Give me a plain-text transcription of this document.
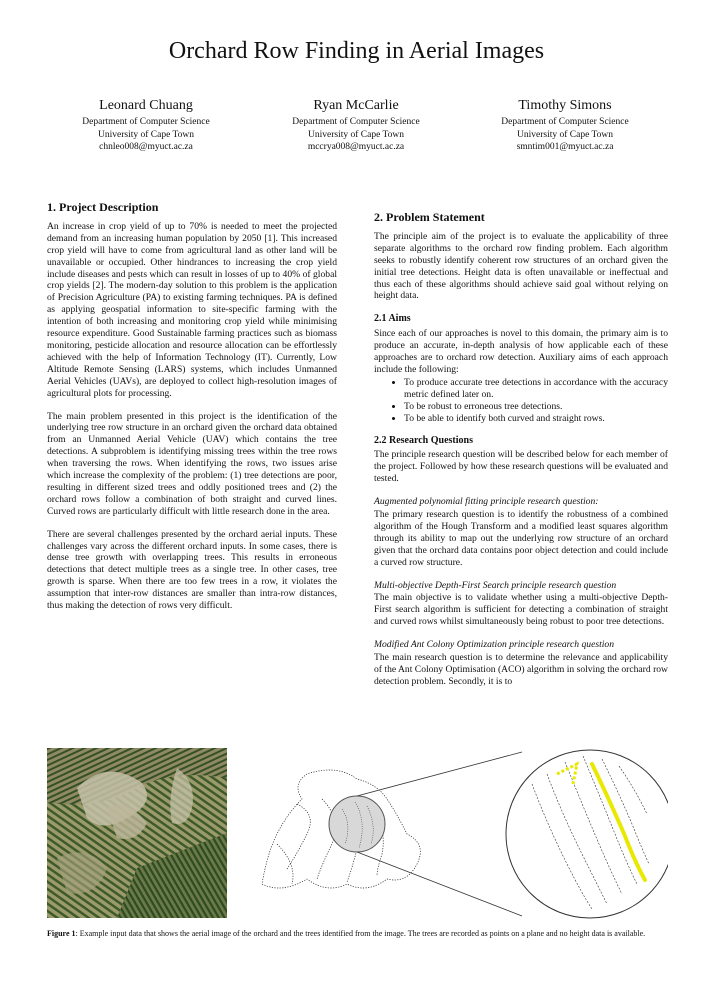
Orchard Row Finding in Aerial Images
Leonard Chuang
Department of Computer Science
University of Cape Town
chnleo008@myuct.ac.za
Ryan McCarlie
Department of Computer Science
University of Cape Town
mccrya008@myuct.ac.za
Timothy Simons
Department of Computer Science
University of Cape Town
smntim001@myuct.ac.za
1. Project Description

An increase in crop yield of up to 70% is needed to meet the projected demand from an increasing human population by 2050 [1]. This increased crop yield will have to come from agricultural land as other land will be unavailable or occupied. Other hindrances to increasing the crop yield include diseases and pests which can result in losses of up to 40% of global crop yields [2]. The modern-day solution to this problem is the application of Precision Agriculture (PA) to existing farming techniques. PA is defined as applying geospatial information to site-specific farming with the intention of both increasing and monitoring crop yield while minimising resource expenditure. Good Sustainable farming practices such as biomass monitoring, pesticide allocation and resource allocation can be effortlessly achieved with the help of Information Technology (IT). Currently, Low Altitude Remote Sensing (LARS) systems, which includes Unmanned Aerial Vehicles (UAVs), are deployed to collect high-resolution images of agricultural plots for processing.

The main problem presented in this project is the identification of the underlying tree row structure in an orchard given the orchard data obtained from an Unmanned Aerial Vehicle (UAV) which contains the tree detections. A subproblem is identifying missing trees within the tree rows when traversing the rows. When identifying the rows, two issues arise which increase the complexity of the problem: (1) tree detections are poor, resulting in different sized trees and oddly positioned trees and (2) the orchard rows follow a combination of both straight and curved lines. Curved rows are particularly difficult with little research done in the area.

There are several challenges presented by the orchard aerial inputs. These challenges vary across the different orchard inputs. In some cases, there is dense tree growth with overlapping trees. This results in erroneous detections that detect multiple trees as a single tree. In other cases, tree growth is sparse. When there are too few trees in a row, it violates the assumption that inter-row distances are smaller than intra-row distances, thus making the detection of rows very difficult.

2. Problem Statement

The principle aim of the project is to evaluate the applicability of three separate algorithms to the orchard row finding problem. Each algorithm seeks to robustly identify coherent row structures of an orchard given the initial tree detections. Height data is often unavailable or ineffectual and thus each of these algorithms should achieve said goal without relying on height data.

2.1 Aims

Since each of our approaches is novel to this domain, the primary aim is to produce an accurate, in-depth analysis of how applicable each of these approaches are to orchard row detection. Auxiliary aims of each approach include the following:

• To produce accurate tree detections in accordance with the accuracy metric defined later on.
• To be robust to erroneous tree detections.
• To be able to identify both curved and straight rows.
2.2 Research Questions

The principle research question will be described below for each member of the project. Followed by how these research questions will be evaluated and tested.

Augmented polynomial fitting principle research question:

The primary research question is to identify the robustness of a combined algorithm of the Hough Transform and a modified least squares algorithm through its ability to map out the underlying row structure of an orchard given that the orchard data contains poor object detection and could include a curved row structure.

Multi-objective Depth-First Search principle research question

The main objective is to validate whether using a multi-objective Depth-First search algorithm is sufficient for detecting a combination of straight and curved rows whilst simultaneously being robust to poor tree detections.

Modified Ant Colony Optimization principle research question

The main research question is to determine the relevance and applicability of the Ant Colony Optimisation (ACO) algorithm in solving the orchard row detection problem. Secondly, it is to

Figure 1: Example input data that shows the aerial image of the orchard and the trees identified from the image. The trees are recorded as points on a plane and no height data is available.
